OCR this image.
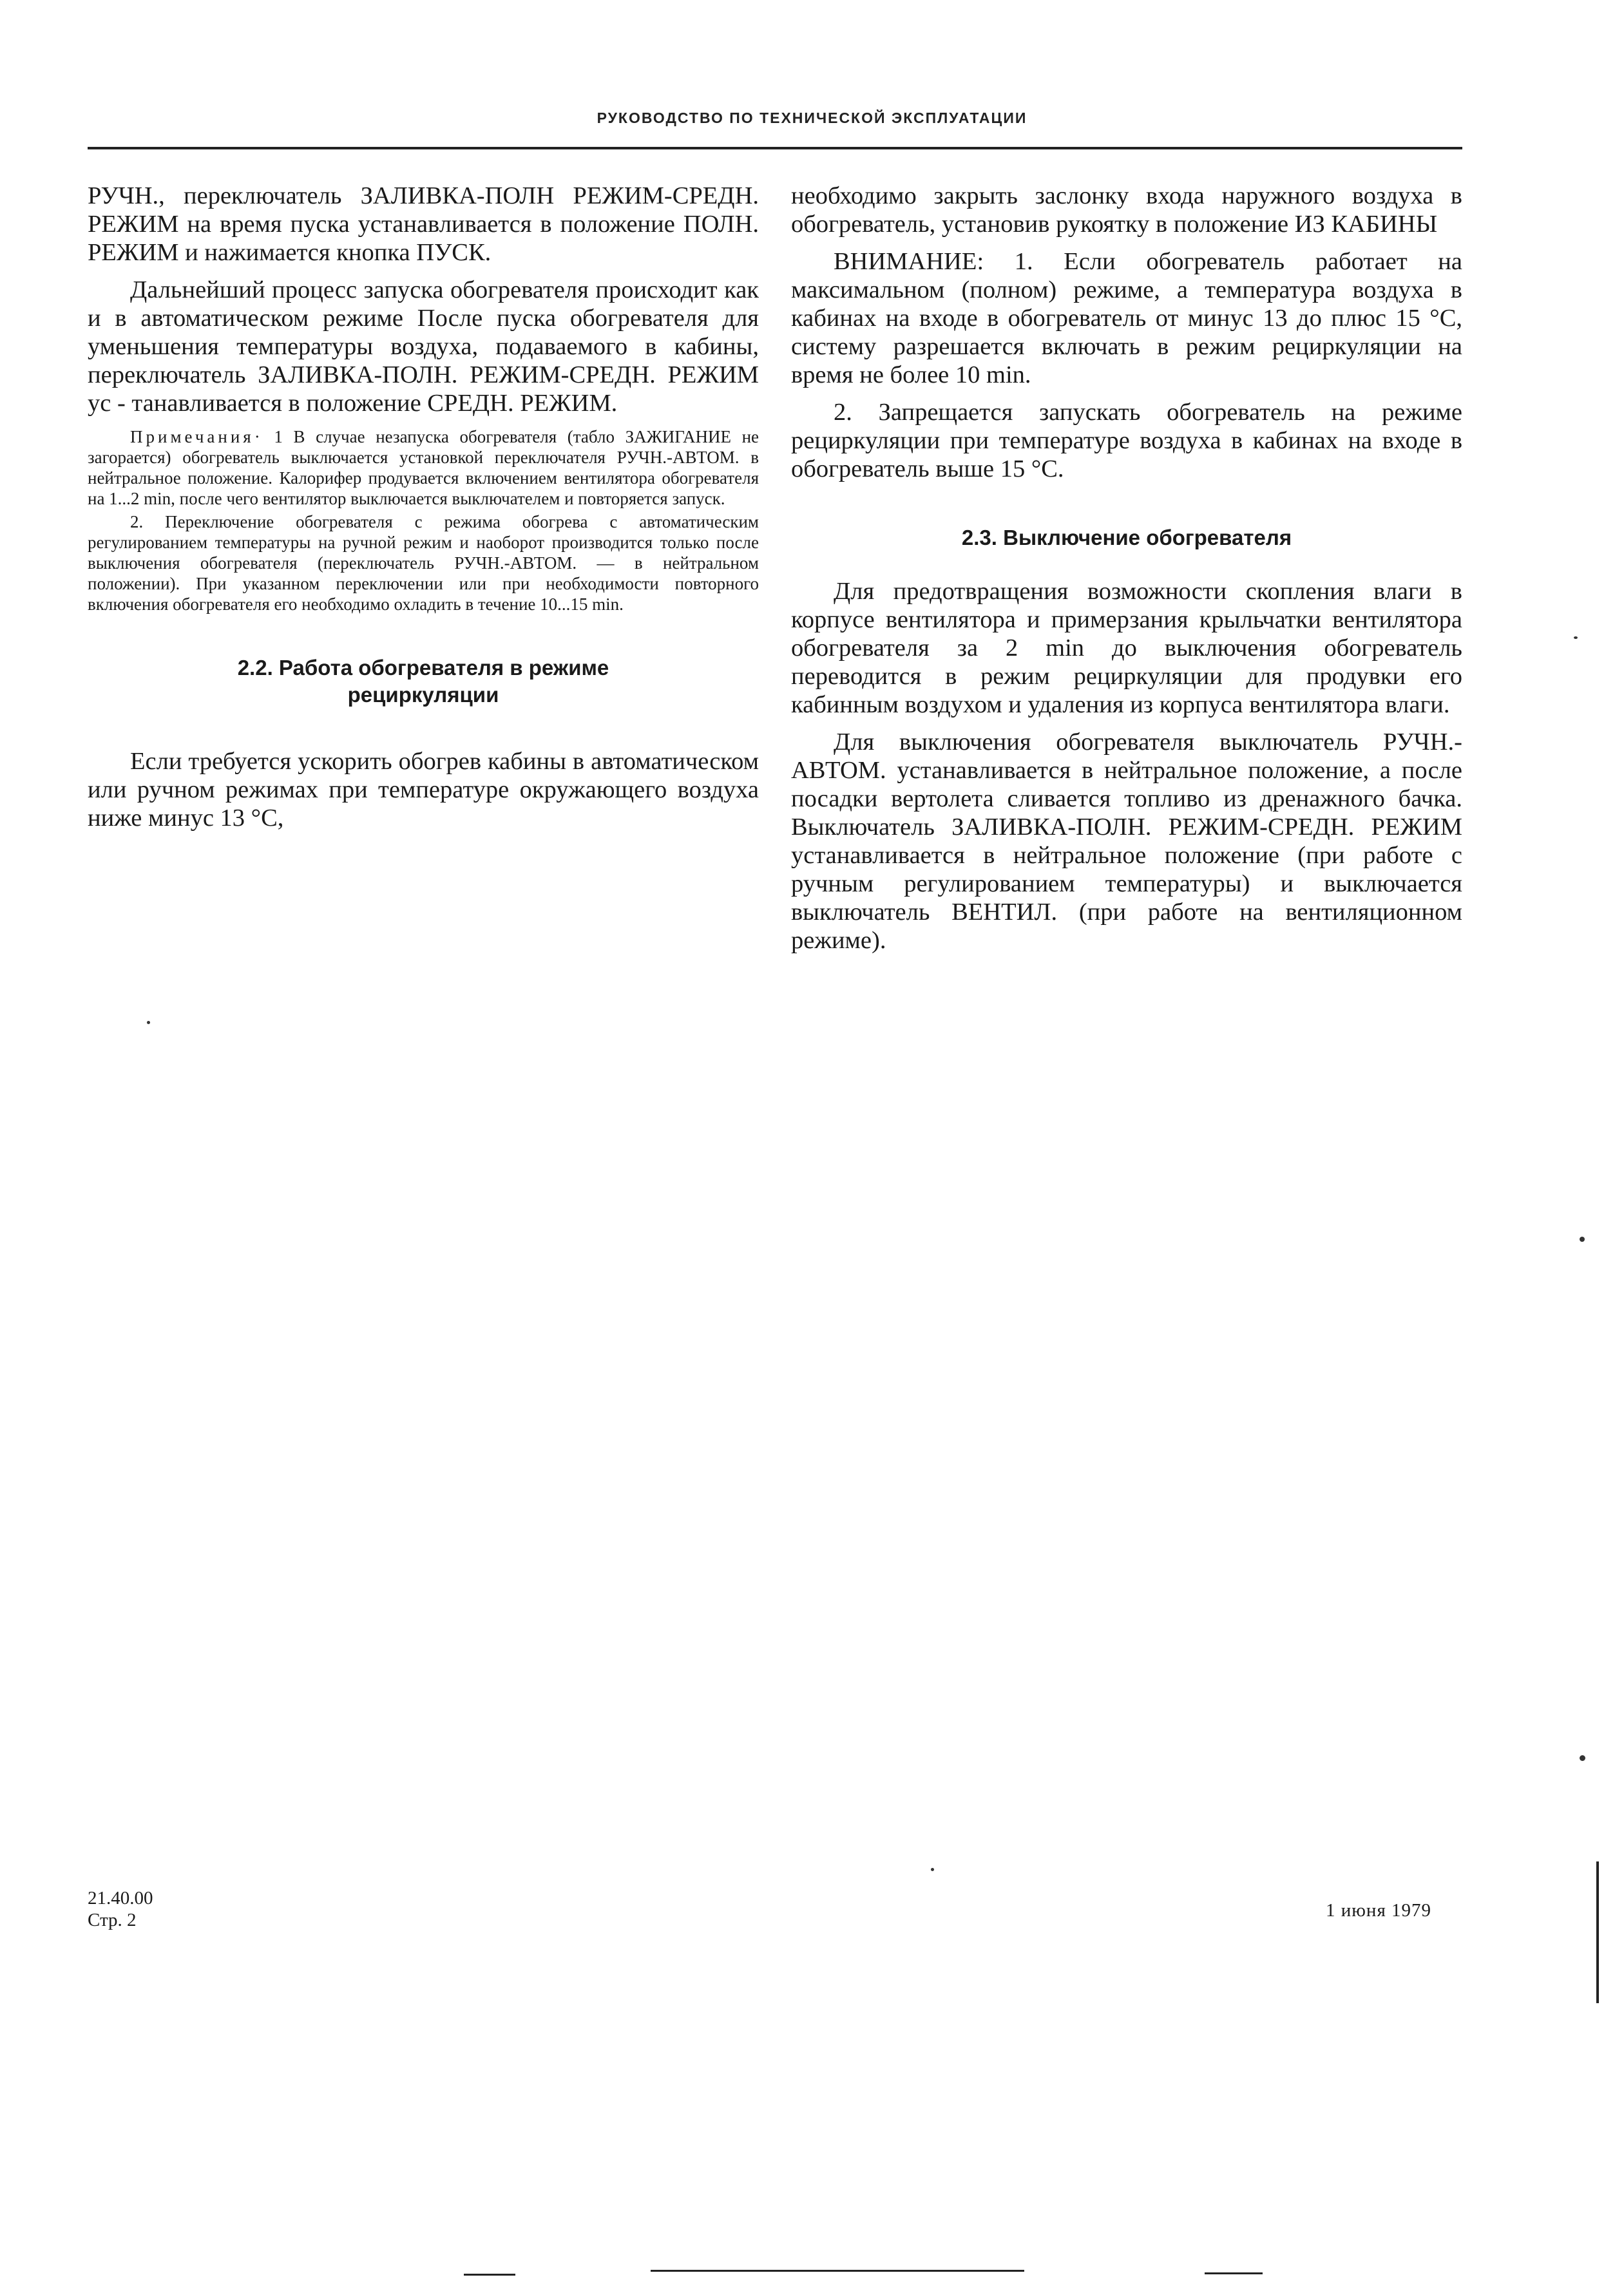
РУКОВОДСТВО ПО ТЕХНИЧЕСКОЙ ЭКСПЛУАТАЦИИ

РУЧН., переключатель ЗАЛИВКА-ПОЛН РЕЖИМ-СРЕДН. РЕЖИМ на время пуска устанавливается в положение ПОЛН. РЕЖИМ и нажимается кнопка ПУСК.

Дальнейший процесс запуска обогревателя происходит как и в автоматическом режиме После пуска обогревателя для уменьшения температуры воздуха, подаваемого в кабины, переключатель ЗАЛИВКА-ПОЛН. РЕЖИМ-СРЕДН. РЕЖИМ ус - танавливается в положение СРЕДН. РЕЖИМ.

Примечания· 1 В случае незапуска обогревателя (табло ЗАЖИГАНИЕ не загорается) обогреватель выключается установкой переключателя РУЧН.-АВТОМ. в нейтральное положение. Калорифер продувается включением вентилятора обогревателя на 1...2 min, после чего вентилятор выключается выключателем и повторяется запуск.

2. Переключение обогревателя с режима обогрева с автоматическим регулированием температуры на ручной режим и наоборот производится только после выключения обогревателя (переключатель РУЧН.-АВТОМ. — в нейтральном положении). При указанном переключении или при необходимости повторного включения обогревателя его необходимо охладить в течение 10...15 min.

2.2. Работа обогревателя в режиме

рециркуляции

Если требуется ускорить обогрев кабины в автоматическом или ручном режимах при температуре окружающего воздуха ниже минус 13 °С,

необходимо закрыть заслонку входа наружного воздуха в обогреватель, установив рукоятку в положение ИЗ КАБИНЫ

ВНИМАНИЕ: 1. Если обогреватель работает на максимальном (полном) режиме, а температура воздуха в кабинах на входе в обогреватель от минус 13 до плюс 15 °С, систему разрешается включать в режим рециркуляции на время не более 10 min.

2. Запрещается запускать обогреватель на режиме рециркуляции при температуре воздуха в кабинах на входе в обогреватель выше 15 °С.

2.3. Выключение обогревателя

Для предотвращения возможности скопления влаги в корпусе вентилятора и примерзания крыльчатки вентилятора обогревателя за 2 min до выключения обогреватель переводится в режим рециркуляции для продувки его кабинным воздухом и удаления из корпуса вентилятора влаги.

Для выключения обогревателя выключатель РУЧН.-АВТОМ. устанавливается в нейтральное положение, а после посадки вертолета сливается топливо из дренажного бачка. Выключатель ЗАЛИВКА-ПОЛН. РЕЖИМ-СРЕДН. РЕЖИМ устанавливается в нейтральное положение (при работе с ручным регулированием температуры) и выключается выключатель ВЕНТИЛ. (при работе на вентиляционном режиме).

21.40.00
Стр. 2	1 июня 1979
